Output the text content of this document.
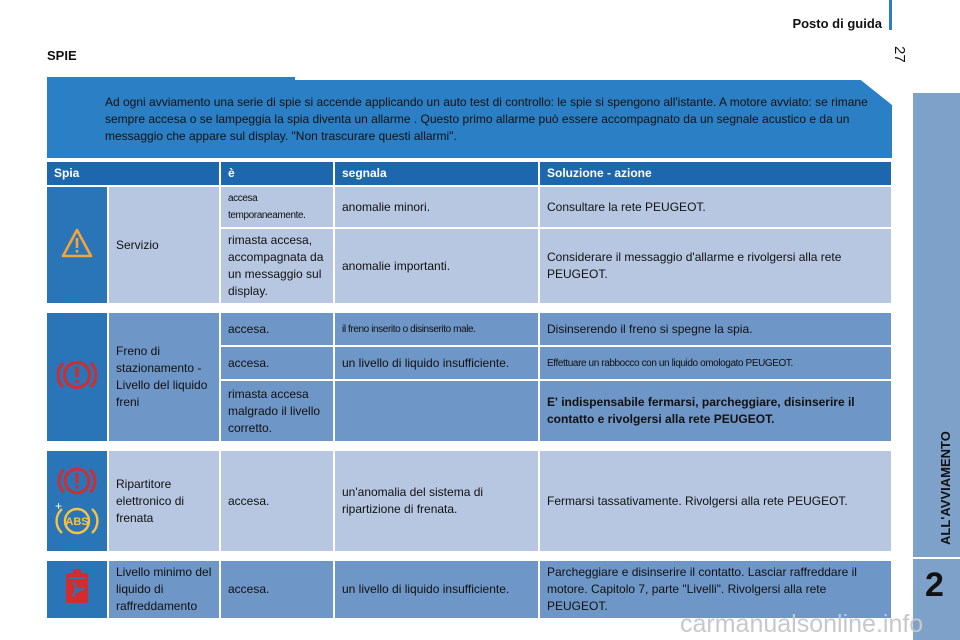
Posto di guida
27
ALL'AVVIAMENTO
2
SPIE
Ad ogni avviamento una serie di spie si accende applicando un auto test di controllo: le spie si spengono all'istante. A motore avviato: se rimane sempre accesa o se lampeggia la spia diventa un allarme . Questo primo allarme può essere accompagnato da un segnale acustico e da un messaggio che appare sul display. "Non trascurare questi allarmi".
Spia		è	segnala	Soluzione - azione
	Servizio	accesa temporaneamente.	anomalie minori.	Consultare la rete PEUGEOT.
		rimasta accesa, accompagnata da un messaggio sul display.	anomalie importanti.	Considerare il messaggio d'allarme e rivolgersi alla rete PEUGEOT.

	Freno di stazionamento - Livello del liquido freni	accesa.	il freno inserito o disinserito male.	Disinserendo il freno si spegne la spia.
		accesa.	un livello di liquido insufficiente.	Effettuare un rabbocco con un liquido omologato PEUGEOT.
		rimasta accesa malgrado il livello corretto.		E' indispensabile fermarsi, parcheggiare, disinserire il contatto e rivolgersi alla rete PEUGEOT.

+
ABS	Ripartitore elettronico di frenata	accesa.	un'anomalia del sistema di ripartizione di frenata.	Fermarsi tassativamente. Rivolgersi alla rete PEUGEOT.

	Livello minimo del liquido di raffreddamento	accesa.	un livello di liquido insufficiente.	Parcheggiare e disinserire il contatto. Lasciar raffreddare il motore. Capitolo 7, parte "Livelli". Rivolgersi alla rete PEUGEOT.
carmanualsonline.info
